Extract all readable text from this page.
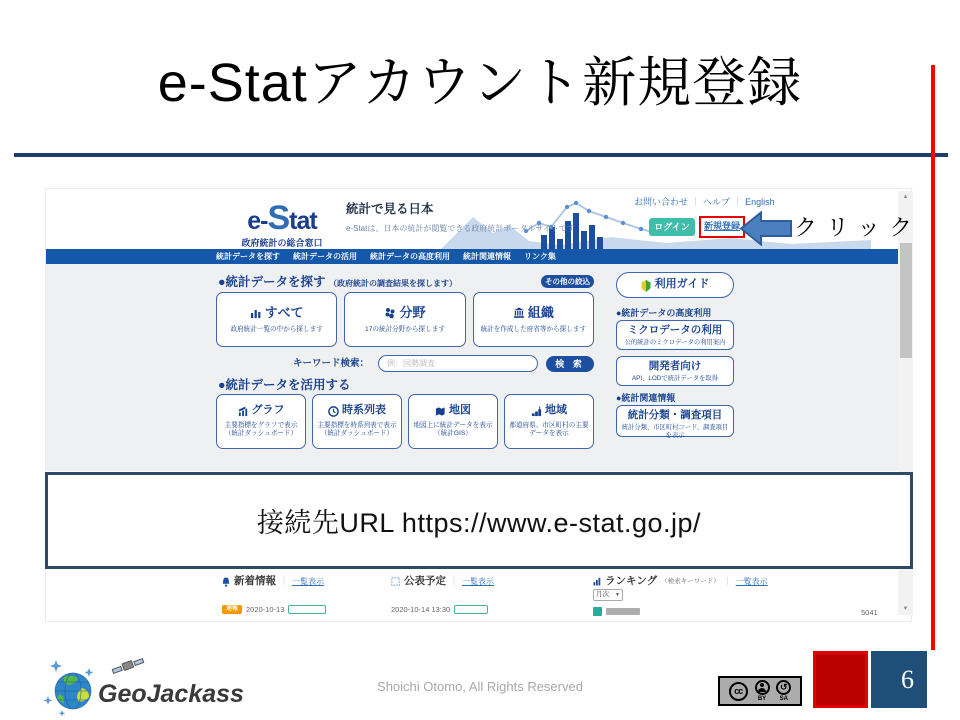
e-Statアカウント新規登録
e-Stat
政府統計の総合窓口
統計で見る日本
e-Statは、日本の統計が閲覧できる政府統計ポータルサイトです
お問い合わせ ｜ ヘルプ ｜ English
ログイン	新規登録
統計データを探す 統計データの活用 統計データの高度利用 統計関連情報 リンク集
●統計データを探す （政府統計の調査結果を探します）	その他の絞込
すべて
政府統計一覧の中から探します
分野
17の統計分野から探します
組織
統計を作成した府省等から探します
キーワード検索：
例：国勢調査	検 索
●統計データを活用する
グラフ
主要指標をグラフで表示（統計ダッシュボード）
時系列表
主要指標を時系列表で表示（統計ダッシュボード）
地図
地図上に統計データを表示（統計GIS）
地域
都道府県、市区町村の主要データを表示
利用ガイド
●統計データの高度利用
ミクロデータの利用
公的統計のミクロデータの利用案内
開発者向け
API、LODで統計データを取得
●統計関連情報
統計分類・調査項目
統計分類、市区町村コード、調査項目を表示
新着情報 ｜ 一覧表示
速報	2020-10-13
公表予定 ｜ 一覧表示
2020-10-14 13:30
ランキング （検索キーワード） ｜ 一覧表示
月次 ▼
5041
▲
▼
クリック
接続先URL https://www.e-stat.go.jp/
GeoJackass	Shoichi Otomo, All Rights Reserved	cc
BY
↺
SA
6
